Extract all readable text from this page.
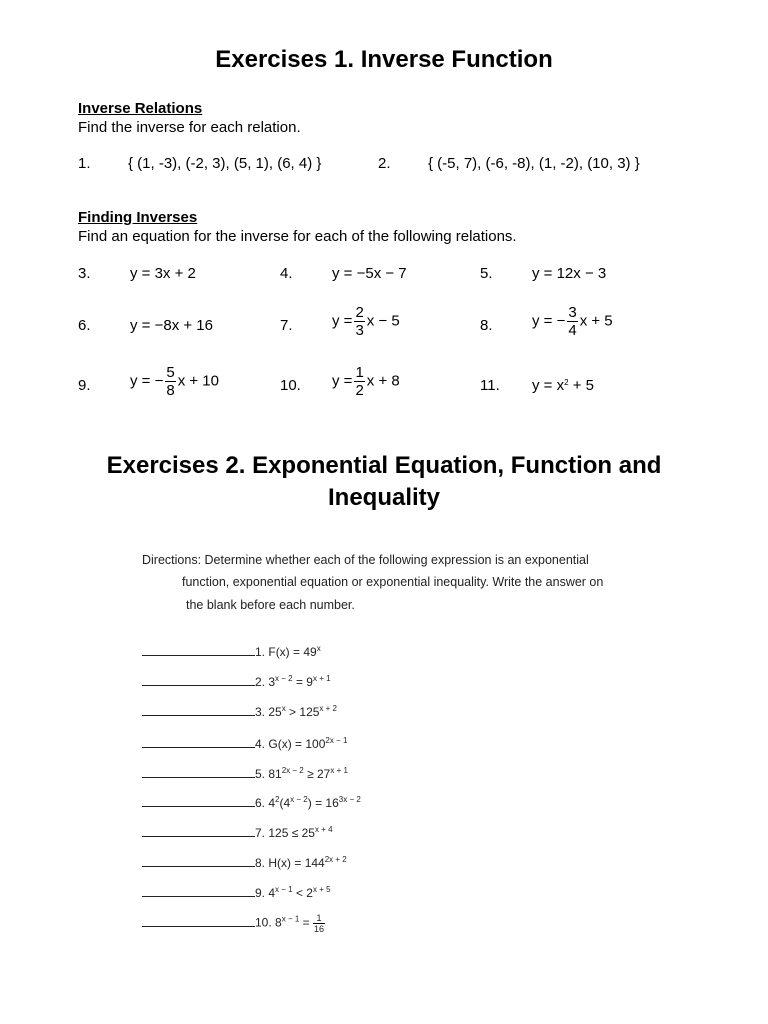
Exercises 1. Inverse Function
Inverse Relations
Find the inverse for each relation.
1. { (1, -3), (-2, 3), (5, 1), (6, 4) }	2. { (-5, 7), (-6, -8), (1, -2), (10, 3) }
Finding Inverses
Find an equation for the inverse for each of the following relations.
3.	y = 3x + 2	4.	y = −5x − 7	5.	y = 12x − 3
6.	y = −8x + 16	7.	$y = \frac{2}{3}$ x − 5	8.	y = − $\frac{3}{4}$ x + 5
9.	y = − $\frac{5}{8}$ x + 10	10. $y = \frac{1}{2}$ x + 8	11. $y = x^2 + 5$
Exercises 2. Exponential Equation, Function and
Inequality
Directions: Determine whether each of the following expression is an exponential
function, exponential equation or exponential inequality. Write the answer on
the blank before each number.
1. $F(x) = 49^x$
2. $3^{x - 2} = 9^{x + 1}$
3. $25^x > 125^{x + 2}$
4. $G(x) = 100^{2x - 1}$
5. $81^{2x - 2} \ge 27^{x + 1}$
6. $4^2(4^{x - 2}) = 16^{3x - 2}$
7. $125 \le 25^{x + 4}$
8. $H(x) = 144^{2x + 2}$
9. $4^{x - 1} < 2^{x + 5}$
10. $8^{x - 1} = \frac{1}{16}$
